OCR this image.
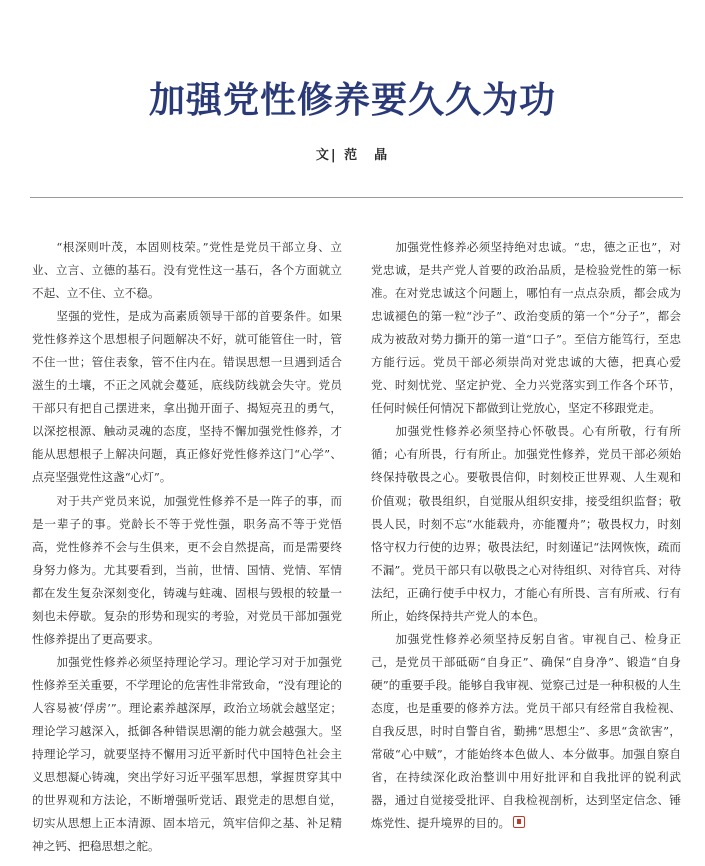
加强党性修养要久久为功
文| 范　晶

“根深则叶茂，本固则枝荣。”党性是党员干部立身、立业、立言、立德的基石。没有党性这一基石，各个方面就立不起、立不住、立不稳。

坚强的党性，是成为高素质领导干部的首要条件。如果党性修养这个思想根子问题解决不好，就可能管住一时，管不住一世；管住表象，管不住内在。错误思想一旦遇到适合滋生的土壤，不正之风就会蔓延，底线防线就会失守。党员干部只有把自己摆进来，拿出抛开面子、揭短亮丑的勇气，以深挖根源、触动灵魂的态度，坚持不懈加强党性修养，才能从思想根子上解决问题，真正修好党性修养这门“心学”、点亮坚强党性这盏“心灯”。

对于共产党员来说，加强党性修养不是一阵子的事，而是一辈子的事。党龄长不等于党性强，职务高不等于党悟高，党性修养不会与生俱来，更不会自然提高，而是需要终身努力修为。尤其要看到，当前，世情、国情、党情、军情都在发生复杂深刻变化，铸魂与蛀魂、固根与毁根的较量一刻也未停歇。复杂的形势和现实的考验，对党员干部加强党性修养提出了更高要求。

加强党性修养必须坚持理论学习。理论学习对于加强党性修养至关重要，不学理论的危害性非常致命，“没有理论的人容易被‘俘虏’”。理论素养越深厚，政治立场就会越坚定；理论学习越深入，抵御各种错误思潮的能力就会越强大。坚持理论学习，就要坚持不懈用习近平新时代中国特色社会主义思想凝心铸魂，突出学好习近平强军思想，掌握贯穿其中的世界观和方法论，不断增强听党话、跟党走的思想自觉，切实从思想上正本清源、固本培元，筑牢信仰之基、补足精神之钙、把稳思想之舵。

加强党性修养必须坚持绝对忠诚。“忠，德之正也”，对党忠诚，是共产党人首要的政治品质，是检验党性的第一标准。在对党忠诚这个问题上，哪怕有一点点杂质，都会成为忠诚褪色的第一粒“沙子”、政治变质的第一个“分子”，都会成为被敌对势力撕开的第一道“口子”。至信方能笃行，至忠方能行远。党员干部必须崇尚对党忠诚的大德，把真心爱党、时刻忧党、坚定护党、全力兴党落实到工作各个环节，任何时候任何情况下都做到让党放心，坚定不移跟党走。

加强党性修养必须坚持心怀敬畏。心有所敬，行有所循；心有所畏，行有所止。加强党性修养，党员干部必须始终保持敬畏之心。要敬畏信仰，时刻校正世界观、人生观和价值观；敬畏组织，自觉服从组织安排，接受组织监督；敬畏人民，时刻不忘“水能载舟，亦能覆舟”；敬畏权力，时刻恪守权力行使的边界；敬畏法纪，时刻谨记“法网恢恢，疏而不漏”。党员干部只有以敬畏之心对待组织、对待官兵、对待法纪，正确行使手中权力，才能心有所畏、言有所戒、行有所止，始终保持共产党人的本色。

加强党性修养必须坚持反躬自省。审视自己、检身正己，是党员干部砥砺“自身正”、确保“自身净”、锻造“自身硬”的重要手段。能够自我审视、觉察己过是一种积极的人生态度，也是重要的修养方法。党员干部只有经常自我检视、自我反思，时时自警自省，勤拂“思想尘”、多思“贪欲害”，常破“心中贼”，才能始终本色做人、本分做事。加强自察自省，在持续深化政治整训中用好批评和自我批评的锐利武器，通过自觉接受批评、自我检视剖析，达到坚定信念、锤炼党性、提升境界的目的。
